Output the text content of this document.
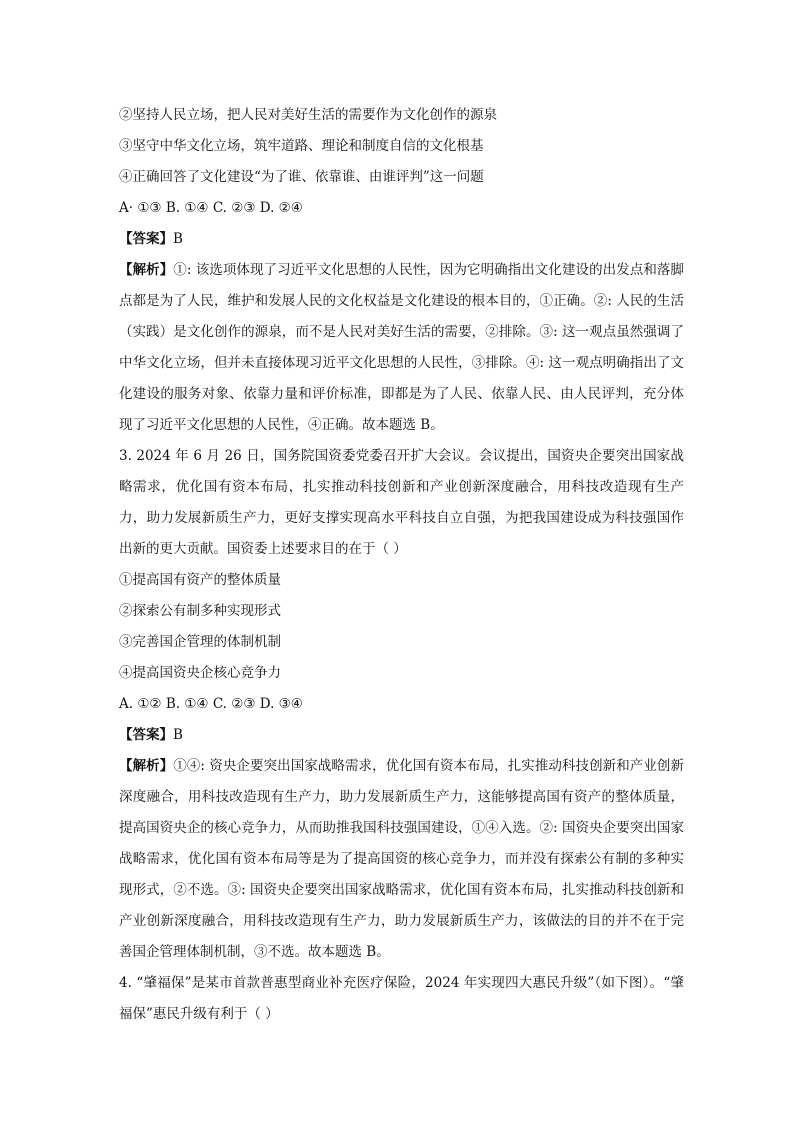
②坚持人民立场，把人民对美好生活的需要作为文化创作的源泉
③坚守中华文化立场，筑牢道路、理论和制度自信的文化根基
④正确回答了文化建设“为了谁、依靠谁、由谁评判”这一问题
A· ①③ B. ①④ C. ②③ D. ②④
【答案】B
【解析】①: 该选项体现了习近平文化思想的人民性，因为它明确指出文化建设的出发点和落脚点都是为了人民，维护和发展人民的文化权益是文化建设的根本目的，①正确。②: 人民的生活（实践）是文化创作的源泉，而不是人民对美好生活的需要，②排除。③: 这一观点虽然强调了中华文化立场，但并未直接体现习近平文化思想的人民性，③排除。④: 这一观点明确指出了文化建设的服务对象、依靠力量和评价标准，即都是为了人民、依靠人民、由人民评判，充分体现了习近平文化思想的人民性，④正确。故本题选 B。
3. 2024 年 6 月 26 日，国务院国资委党委召开扩大会议。会议提出，国资央企要突出国家战略需求，优化国有资本布局，扎实推动科技创新和产业创新深度融合，用科技改造现有生产力，助力发展新质生产力，更好支撑实现高水平科技自立自强，为把我国建设成为科技强国作出新的更大贡献。国资委上述要求目的在于（ ）
①提高国有资产的整体质量
②探索公有制多种实现形式
③完善国企管理的体制机制
④提高国资央企核心竞争力
A. ①② B. ①④ C. ②③ D. ③④
【答案】B
【解析】①④: 资央企要突出国家战略需求，优化国有资本布局，扎实推动科技创新和产业创新深度融合，用科技改造现有生产力，助力发展新质生产力，这能够提高国有资产的整体质量，提高国资央企的核心竞争力，从而助推我国科技强国建设，①④入选。②: 国资央企要突出国家战略需求，优化国有资本布局等是为了提高国资的核心竞争力，而并没有探索公有制的多种实现形式，②不选。③: 国资央企要突出国家战略需求，优化国有资本布局，扎实推动科技创新和产业创新深度融合，用科技改造现有生产力，助力发展新质生产力，该做法的目的并不在于完善国企管理体制机制，③不选。故本题选 B。
4. “肇福保”是某市首款普惠型商业补充医疗保险，2024 年实现四大惠民升级”（如下图）。“肇福保”惠民升级有利于（ ）
